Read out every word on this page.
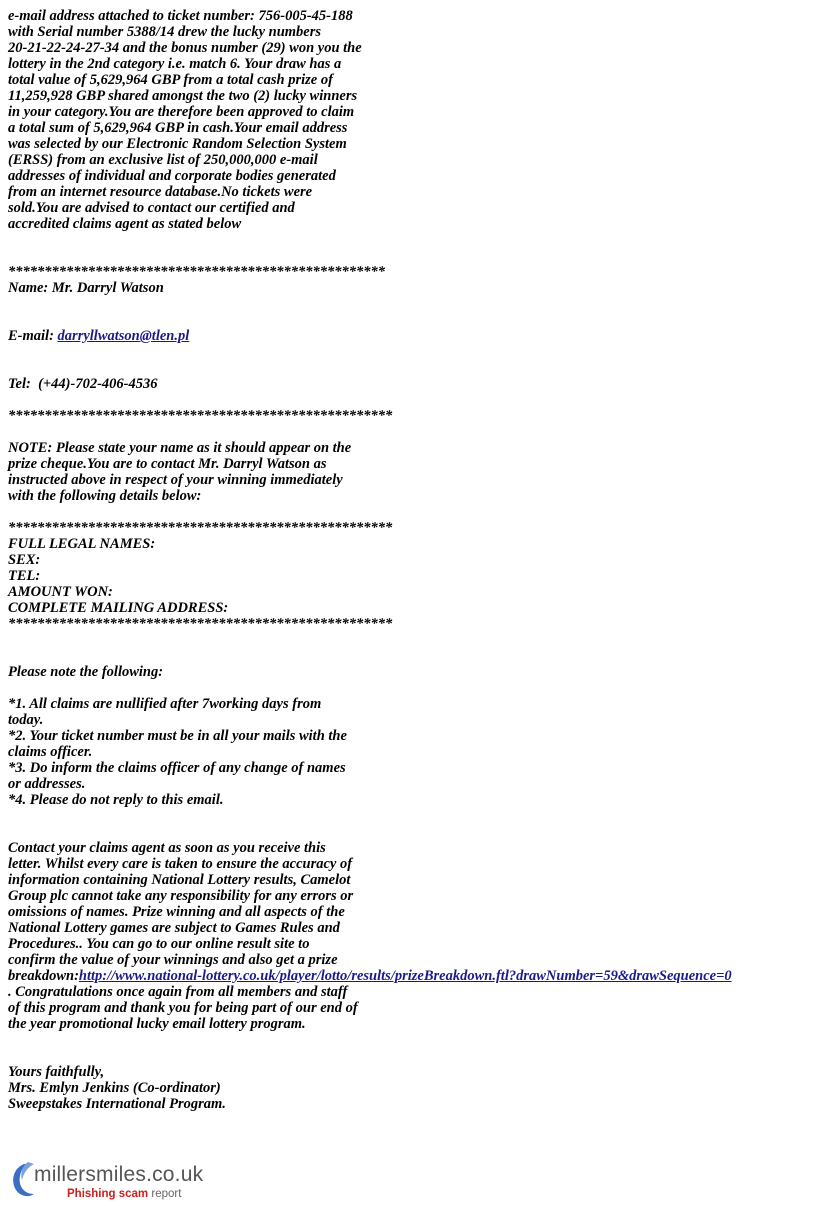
e-mail address attached to ticket number: 756-005-45-188
with Serial number 5388/14 drew the lucky numbers
20-21-22-24-27-34 and the bonus number (29) won you the
lottery in the 2nd category i.e. match 6. Your draw has a
total value of 5,629,964 GBP from a total cash prize of
11,259,928 GBP shared amongst the two (2) lucky winners
in your category.You are therefore been approved to claim
a total sum of 5,629,964 GBP in cash.Your email address
was selected by our Electronic Random Selection System
(ERSS) from an exclusive list of 250,000,000 e-mail
addresses of individual and corporate bodies generated
from an internet resource database.No tickets were
sold.You are advised to contact our certified and
accredited claims agent as stated below
****************************************************
Name: Mr. Darryl Watson
E-mail: darryllwatson@tlen.pl
Tel:  (+44)-702-406-4536
*****************************************************
NOTE: Please state your name as it should appear on the
prize cheque.You are to contact Mr. Darryl Watson as
instructed above in respect of your winning immediately
with the following details below:
*****************************************************
FULL LEGAL NAMES:
SEX:
TEL:
AMOUNT WON:
COMPLETE MAILING ADDRESS:
*****************************************************
Please note the following:
*1. All claims are nullified after 7working days from
today.
*2. Your ticket number must be in all your mails with the
claims officer.
*3. Do inform the claims officer of any change of names
or addresses.
*4. Please do not reply to this email.
Contact your claims agent as soon as you receive this
letter. Whilst every care is taken to ensure the accuracy of
information containing National Lottery results, Camelot
Group plc cannot take any responsibility for any errors or
omissions of names. Prize winning and all aspects of the
National Lottery games are subject to Games Rules and
Procedures.. You can go to our online result site to
confirm the value of your winnings and also get a prize
breakdown:http://www.national-lottery.co.uk/player/lotto/results/prizeBreakdown.ftl?drawNumber=59&drawSequence=0
. Congratulations once again from all members and staff
of this program and thank you for being part of our end of
the year promotional lucky email lottery program.
Yours faithfully,
Mrs. Emlyn Jenkins (Co-ordinator)
Sweepstakes International Program.
millersmiles.co.uk
Phishing scam report
